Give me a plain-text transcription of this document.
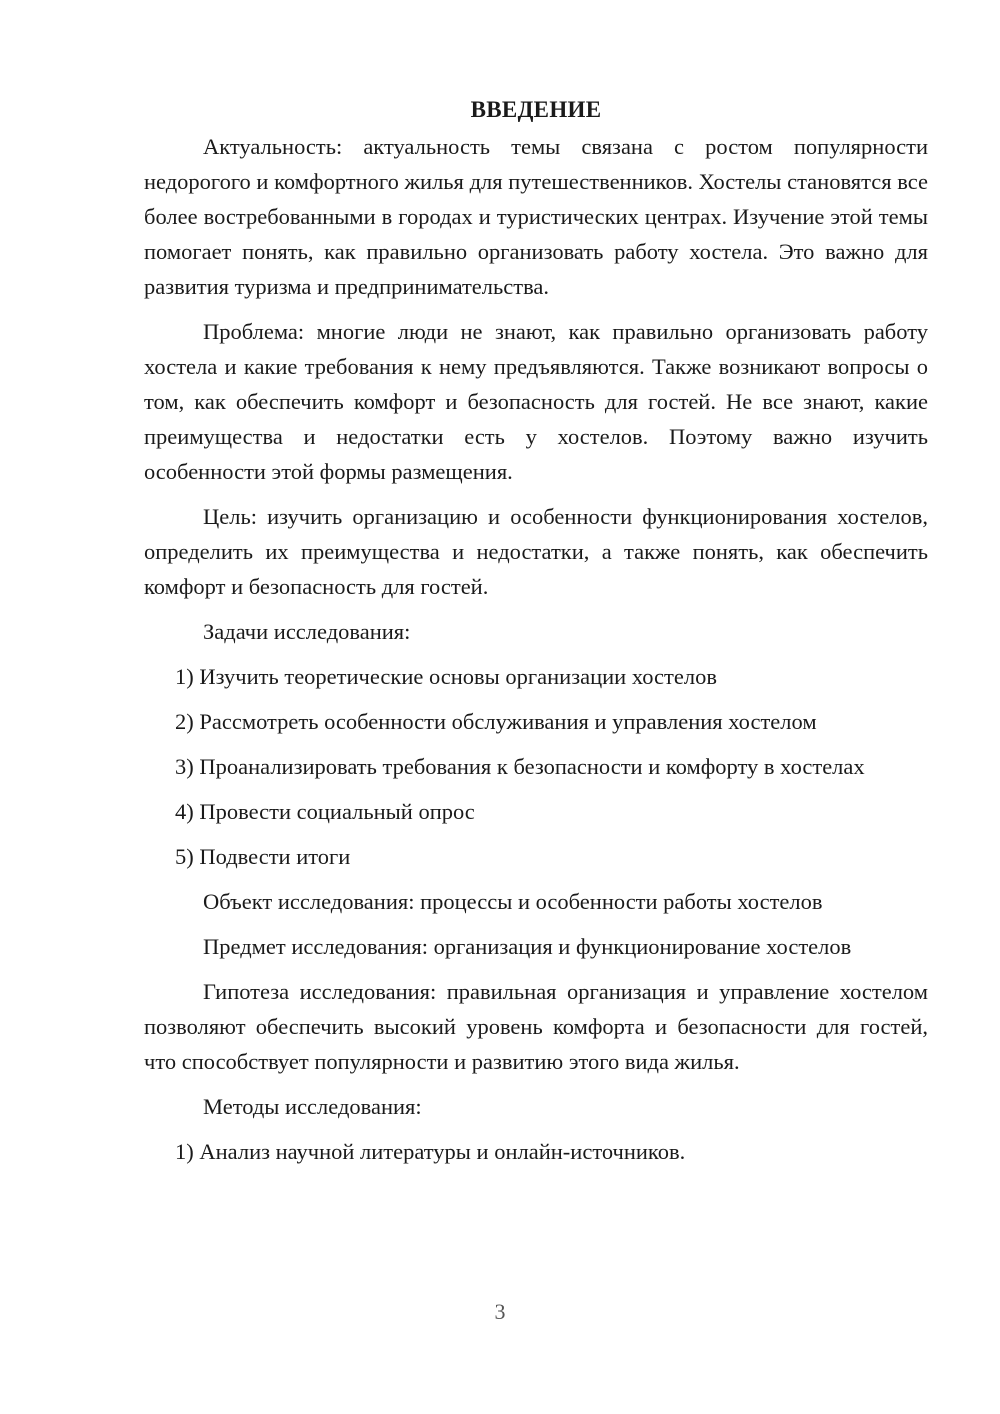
ВВЕДЕНИЕ

Актуальность: актуальность темы связана с ростом популярности недорогого и комфортного жилья для путешественников. Хостелы становятся все более востребованными в городах и туристических центрах. Изучение этой темы помогает понять, как правильно организовать работу хостела. Это важно для развития туризма и предпринимательства.

Проблема: многие люди не знают, как правильно организовать работу хостела и какие требования к нему предъявляются. Также возникают вопросы о том, как обеспечить комфорт и безопасность для гостей. Не все знают, какие преимущества и недостатки есть у хостелов. Поэтому важно изучить особенности этой формы размещения.

Цель: изучить организацию и особенности функционирования хостелов, определить их преимущества и недостатки, а также понять, как обеспечить комфорт и безопасность для гостей.

Задачи исследования:

1) Изучить теоретические основы организации хостелов

2) Рассмотреть особенности обслуживания и управления хостелом

3) Проанализировать требования к безопасности и комфорту в хостелах

4) Провести социальный опрос

5) Подвести итоги

Объект исследования: процессы и особенности работы хостелов

Предмет исследования: организация и функционирование хостелов

Гипотеза исследования: правильная организация и управление хостелом позволяют обеспечить высокий уровень комфорта и безопасности для гостей, что способствует популярности и развитию этого вида жилья.

Методы исследования:

1) Анализ научной литературы и онлайн-источников.

3
